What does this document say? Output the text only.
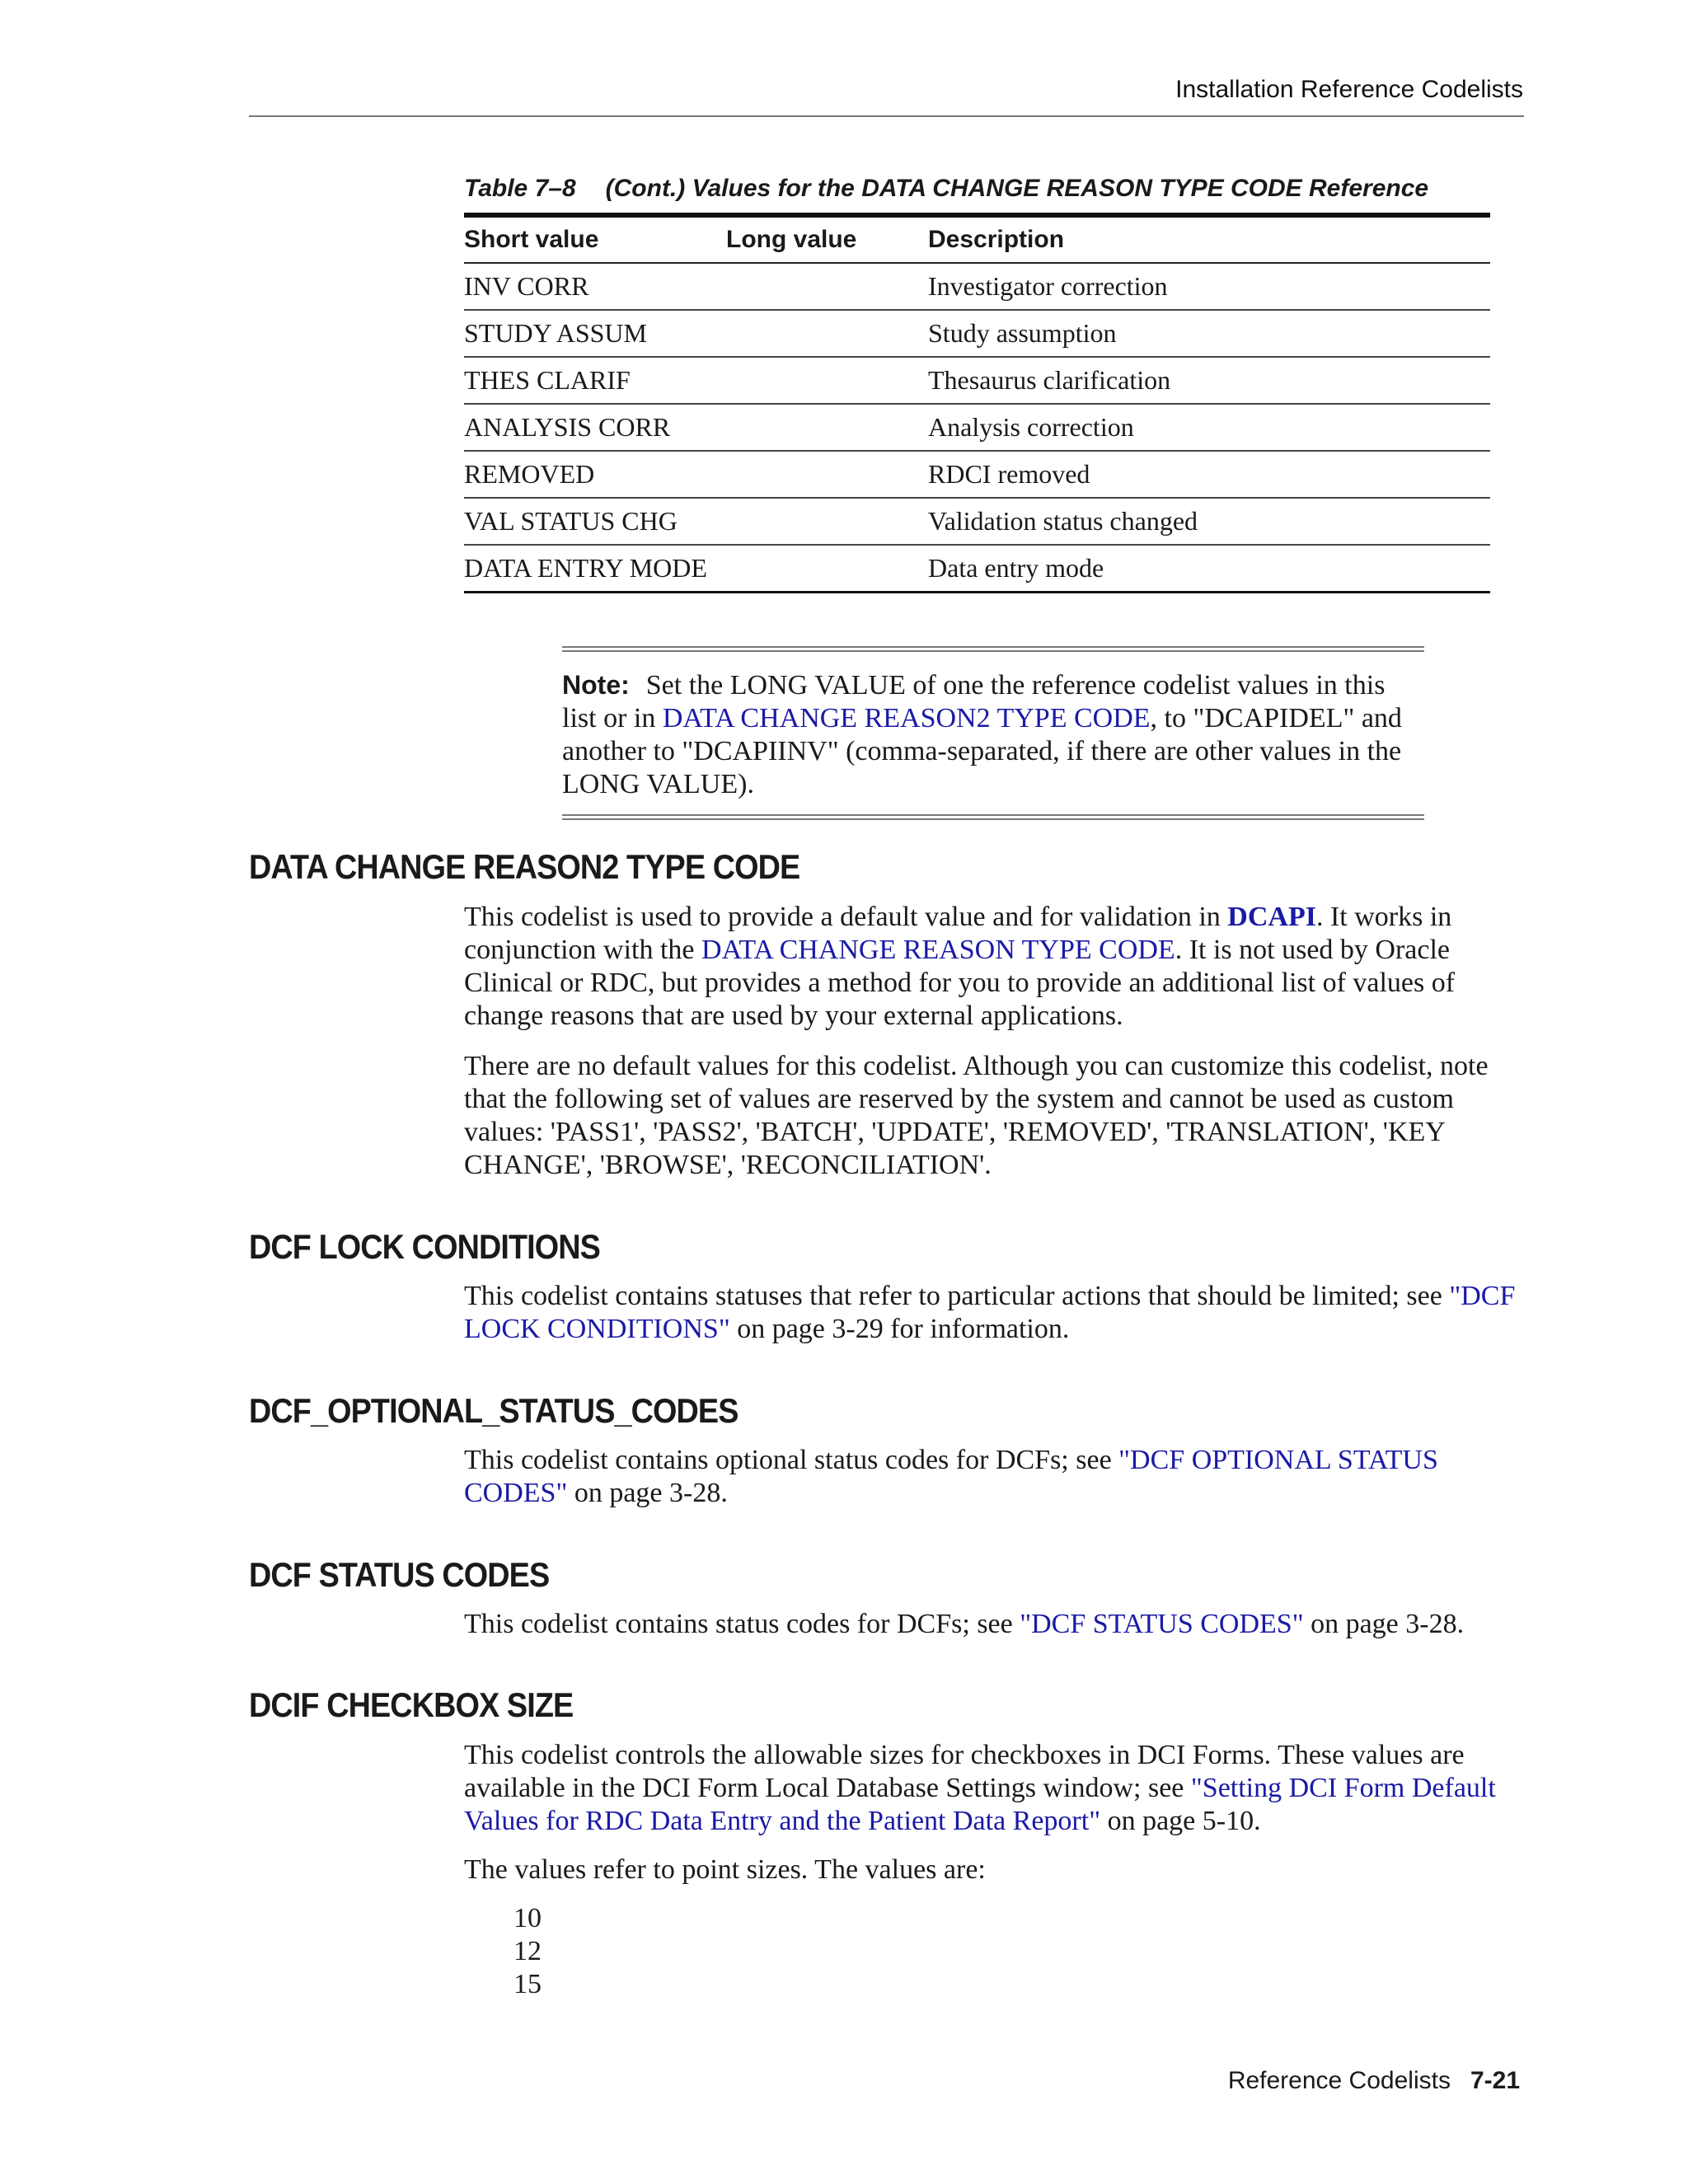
Installation Reference Codelists
Table 7–8 (Cont.) Values for the DATA CHANGE REASON TYPE CODE Reference
Short value	Long value	Description
INV CORR		Investigator correction
STUDY ASSUM		Study assumption
THES CLARIF		Thesaurus clarification
ANALYSIS CORR		Analysis correction
REMOVED		RDCI removed
VAL STATUS CHG		Validation status changed
DATA ENTRY MODE		Data entry mode
Note: Set the LONG VALUE of one the reference codelist values in this list or in DATA CHANGE REASON2 TYPE CODE, to "DCAPIDEL" and another to "DCAPIINV" (comma-separated, if there are other values in the LONG VALUE).
DATA CHANGE REASON2 TYPE CODE

This codelist is used to provide a default value and for validation in DCAPI. It works in conjunction with the DATA CHANGE REASON TYPE CODE. It is not used by Oracle Clinical or RDC, but provides a method for you to provide an additional list of values of change reasons that are used by your external applications.

There are no default values for this codelist. Although you can customize this codelist, note that the following set of values are reserved by the system and cannot be used as custom values: 'PASS1', 'PASS2', 'BATCH', 'UPDATE', 'REMOVED', 'TRANSLATION', 'KEY CHANGE', 'BROWSE', 'RECONCILIATION'.

DCF LOCK CONDITIONS

This codelist contains statuses that refer to particular actions that should be limited; see "DCF LOCK CONDITIONS" on page 3-29 for information.

DCF_OPTIONAL_STATUS_CODES

This codelist contains optional status codes for DCFs; see "DCF OPTIONAL STATUS CODES" on page 3-28.

DCF STATUS CODES

This codelist contains status codes for DCFs; see "DCF STATUS CODES" on page 3-28.

DCIF CHECKBOX SIZE

This codelist controls the allowable sizes for checkboxes in DCI Forms. These values are available in the DCI Form Local Database Settings window; see "Setting DCI Form Default Values for RDC Data Entry and the Patient Data Report" on page 5-10.

The values refer to point sizes. The values are:

10
12
15
Reference Codelists 7-21
